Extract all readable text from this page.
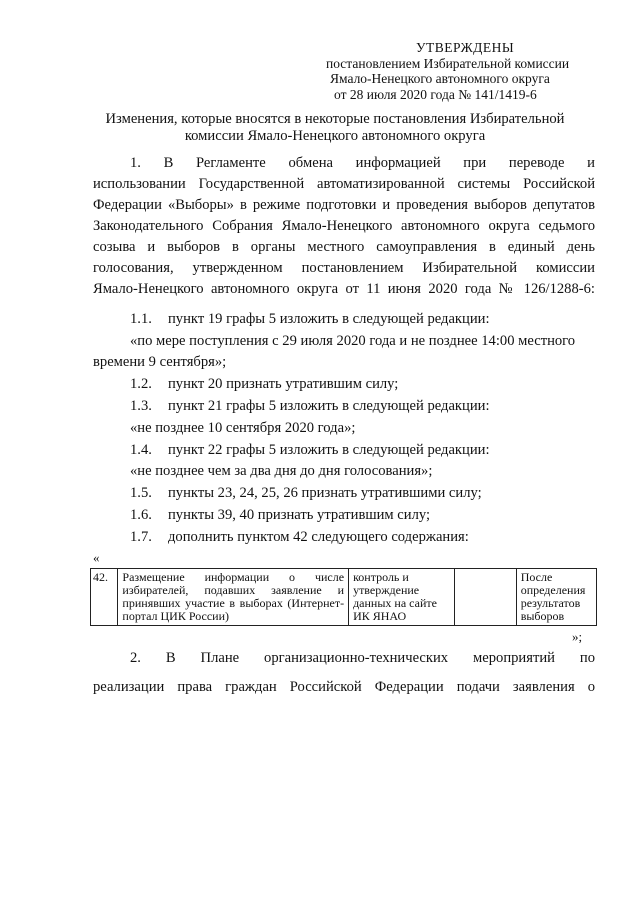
УТВЕРЖДЕНЫ
постановлением Избирательной комиссии
Ямало-Ненецкого автономного округа
от 28 июля 2020 года № 141/1419-6
Изменения, которые вносятся в некоторые постановления Избирательной
комиссии Ямало-Ненецкого автономного округа
1. В Регламенте обмена информацией при переводе и
использовании Государственной автоматизированной системы Российской
Федерации «Выборы» в режиме подготовки и проведения выборов депутатов
Законодательного Собрания Ямало-Ненецкого автономного округа седьмого
созыва и выборов в органы местного самоуправления в единый день
голосования, утвержденном постановлением Избирательной комиссии
Ямало-Ненецкого автономного округа от 11 июня 2020 года № 126/1288-6:
1.1. пункт 19 графы 5 изложить в следующей редакции:
«по мере поступления с 29 июля 2020 года и не позднее 14:00 местного
времени 9 сентября»;
1.2. пункт 20 признать утратившим силу;
1.3. пункт 21 графы 5 изложить в следующей редакции:
«не позднее 10 сентября 2020 года»;
1.4. пункт 22 графы 5 изложить в следующей редакции:
«не позднее чем за два дня до дня голосования»;
1.5. пункты 23, 24, 25, 26 признать утратившими силу;
1.6. пункты 39, 40 признать утратившим силу;
1.7. дополнить пунктом 42 следующего содержания:
«
42.	Размещение информации о числе избирателей, подавших заявление и принявших участие в выборах (Интернет-портал ЦИК России)	контроль и утверждение данных на сайте ИК ЯНАО		После определения результатов выборов
»;
2. В Плане организационно-технических мероприятий по
реализации права граждан Российской Федерации подачи заявления о
